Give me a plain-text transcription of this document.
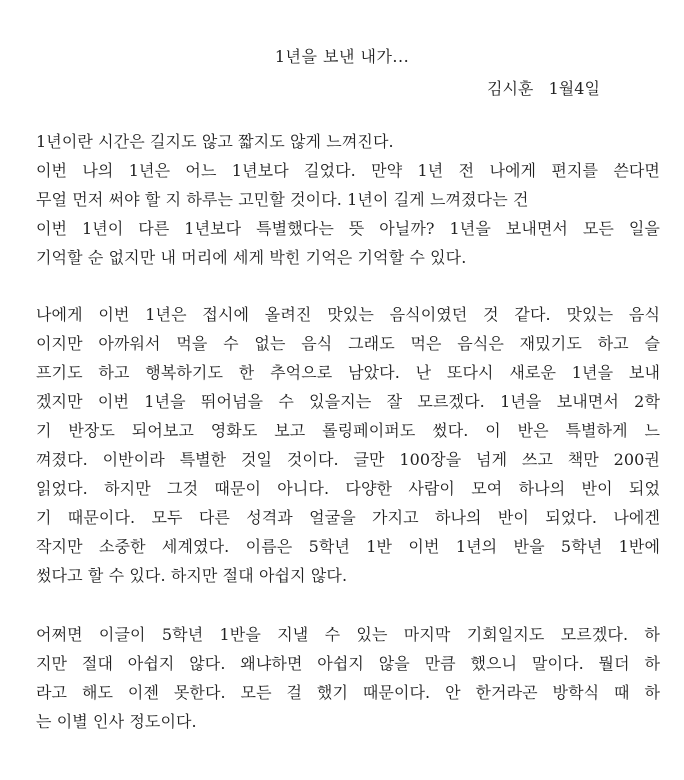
1년을 보낸 내가...
김시훈   1월4일
1년이란 시간은 길지도 않고 짧지도 않게 느껴진다.
이번 나의 1년은 어느 1년보다 길었다. 만약 1년 전 나에게 편지를 쓴다면
무얼 먼저 써야 할 지 하루는 고민할 것이다. 1년이 길게 느껴졌다는 건
이번 1년이 다른 1년보다 특별했다는 뜻 아닐까? 1년을 보내면서 모든 일을
기억할 순 없지만 내 머리에 세게 박힌 기억은 기억할 수 있다.
나에게 이번 1년은 접시에 올려진 맛있는 음식이였던 것 같다. 맛있는 음식
이지만 아까워서 먹을 수 없는 음식 그래도 먹은 음식은 재밌기도 하고 슬
프기도 하고 행복하기도 한 추억으로 남았다. 난 또다시 새로운 1년을 보내
겠지만 이번 1년을 뛰어넘을 수 있을지는 잘 모르겠다. 1년을 보내면서 2학
기 반장도 되어보고 영화도 보고 롤링페이퍼도 썼다. 이 반은 특별하게 느
껴졌다. 이반이라 특별한 것일 것이다. 글만 100장을 넘게 쓰고 책만 200권
읽었다. 하지만 그것 때문이 아니다. 다양한 사람이 모여 하나의 반이 되었
기 때문이다. 모두 다른 성격과 얼굴을 가지고 하나의 반이 되었다. 나에겐
작지만 소중한 세계였다. 이름은 5학년 1반 이번 1년의 반을 5학년 1반에
썼다고 할 수 있다. 하지만 절대 아쉽지 않다.
어쩌면 이글이 5학년 1반을 지낼 수 있는 마지막 기회일지도 모르겠다. 하
지만 절대 아쉽지 않다. 왜냐하면 아쉽지 않을 만큼 했으니 말이다. 뭘더 하
라고 해도 이젠 못한다. 모든 걸 했기 때문이다. 안 한거라곤 방학식 때 하
는 이별 인사 정도이다.
